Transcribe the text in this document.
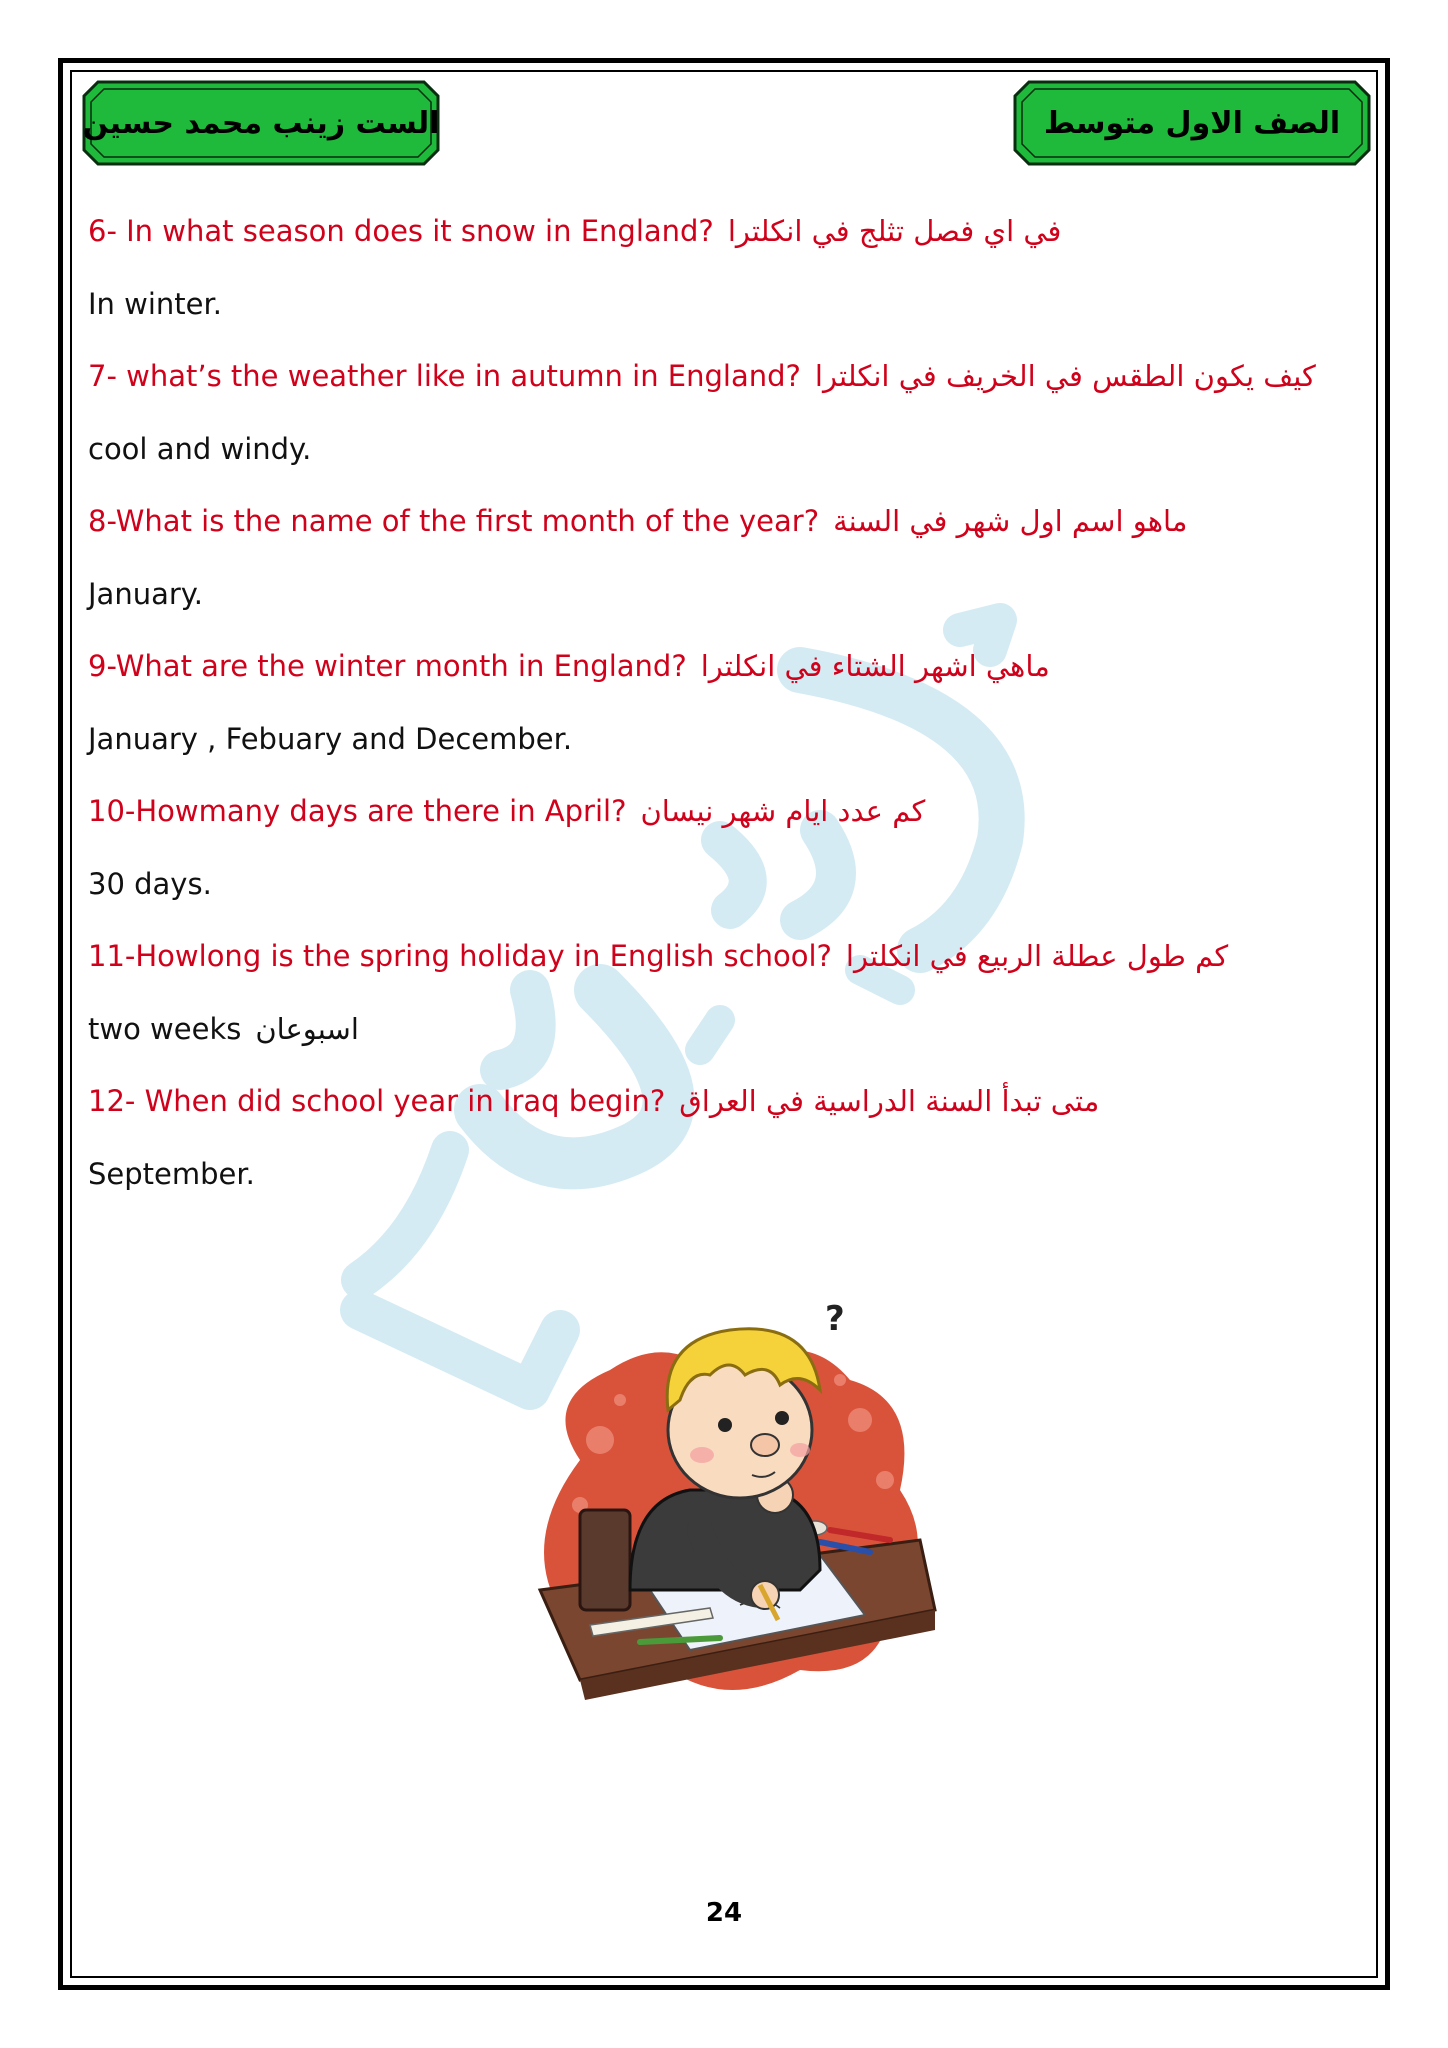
الست زينب محمد حسين	الصف الاول متوسط
6- In what season does it snow in England? في اي فصل تثلج في انكلترا
In winter.
7- what’s the weather like in autumn in England? كيف يكون الطقس في الخريف في انكلترا
cool and windy.
8-What is the name of the first month of the year? ماهو اسم اول شهر في السنة
January.
9-What are the winter month in England? ماهي اشهر الشتاء في انكلترا
January , Febuary and December.
10-Howmany days are there in April? كم عدد ايام شهر نيسان
30 days.
11-Howlong is the spring holiday in English school? كم طول عطلة الربيع في انكلترا
two weeks اسبوعان
12- When did school year in Iraq begin? متى تبدأ السنة الدراسية في العراق
September.
?
24
